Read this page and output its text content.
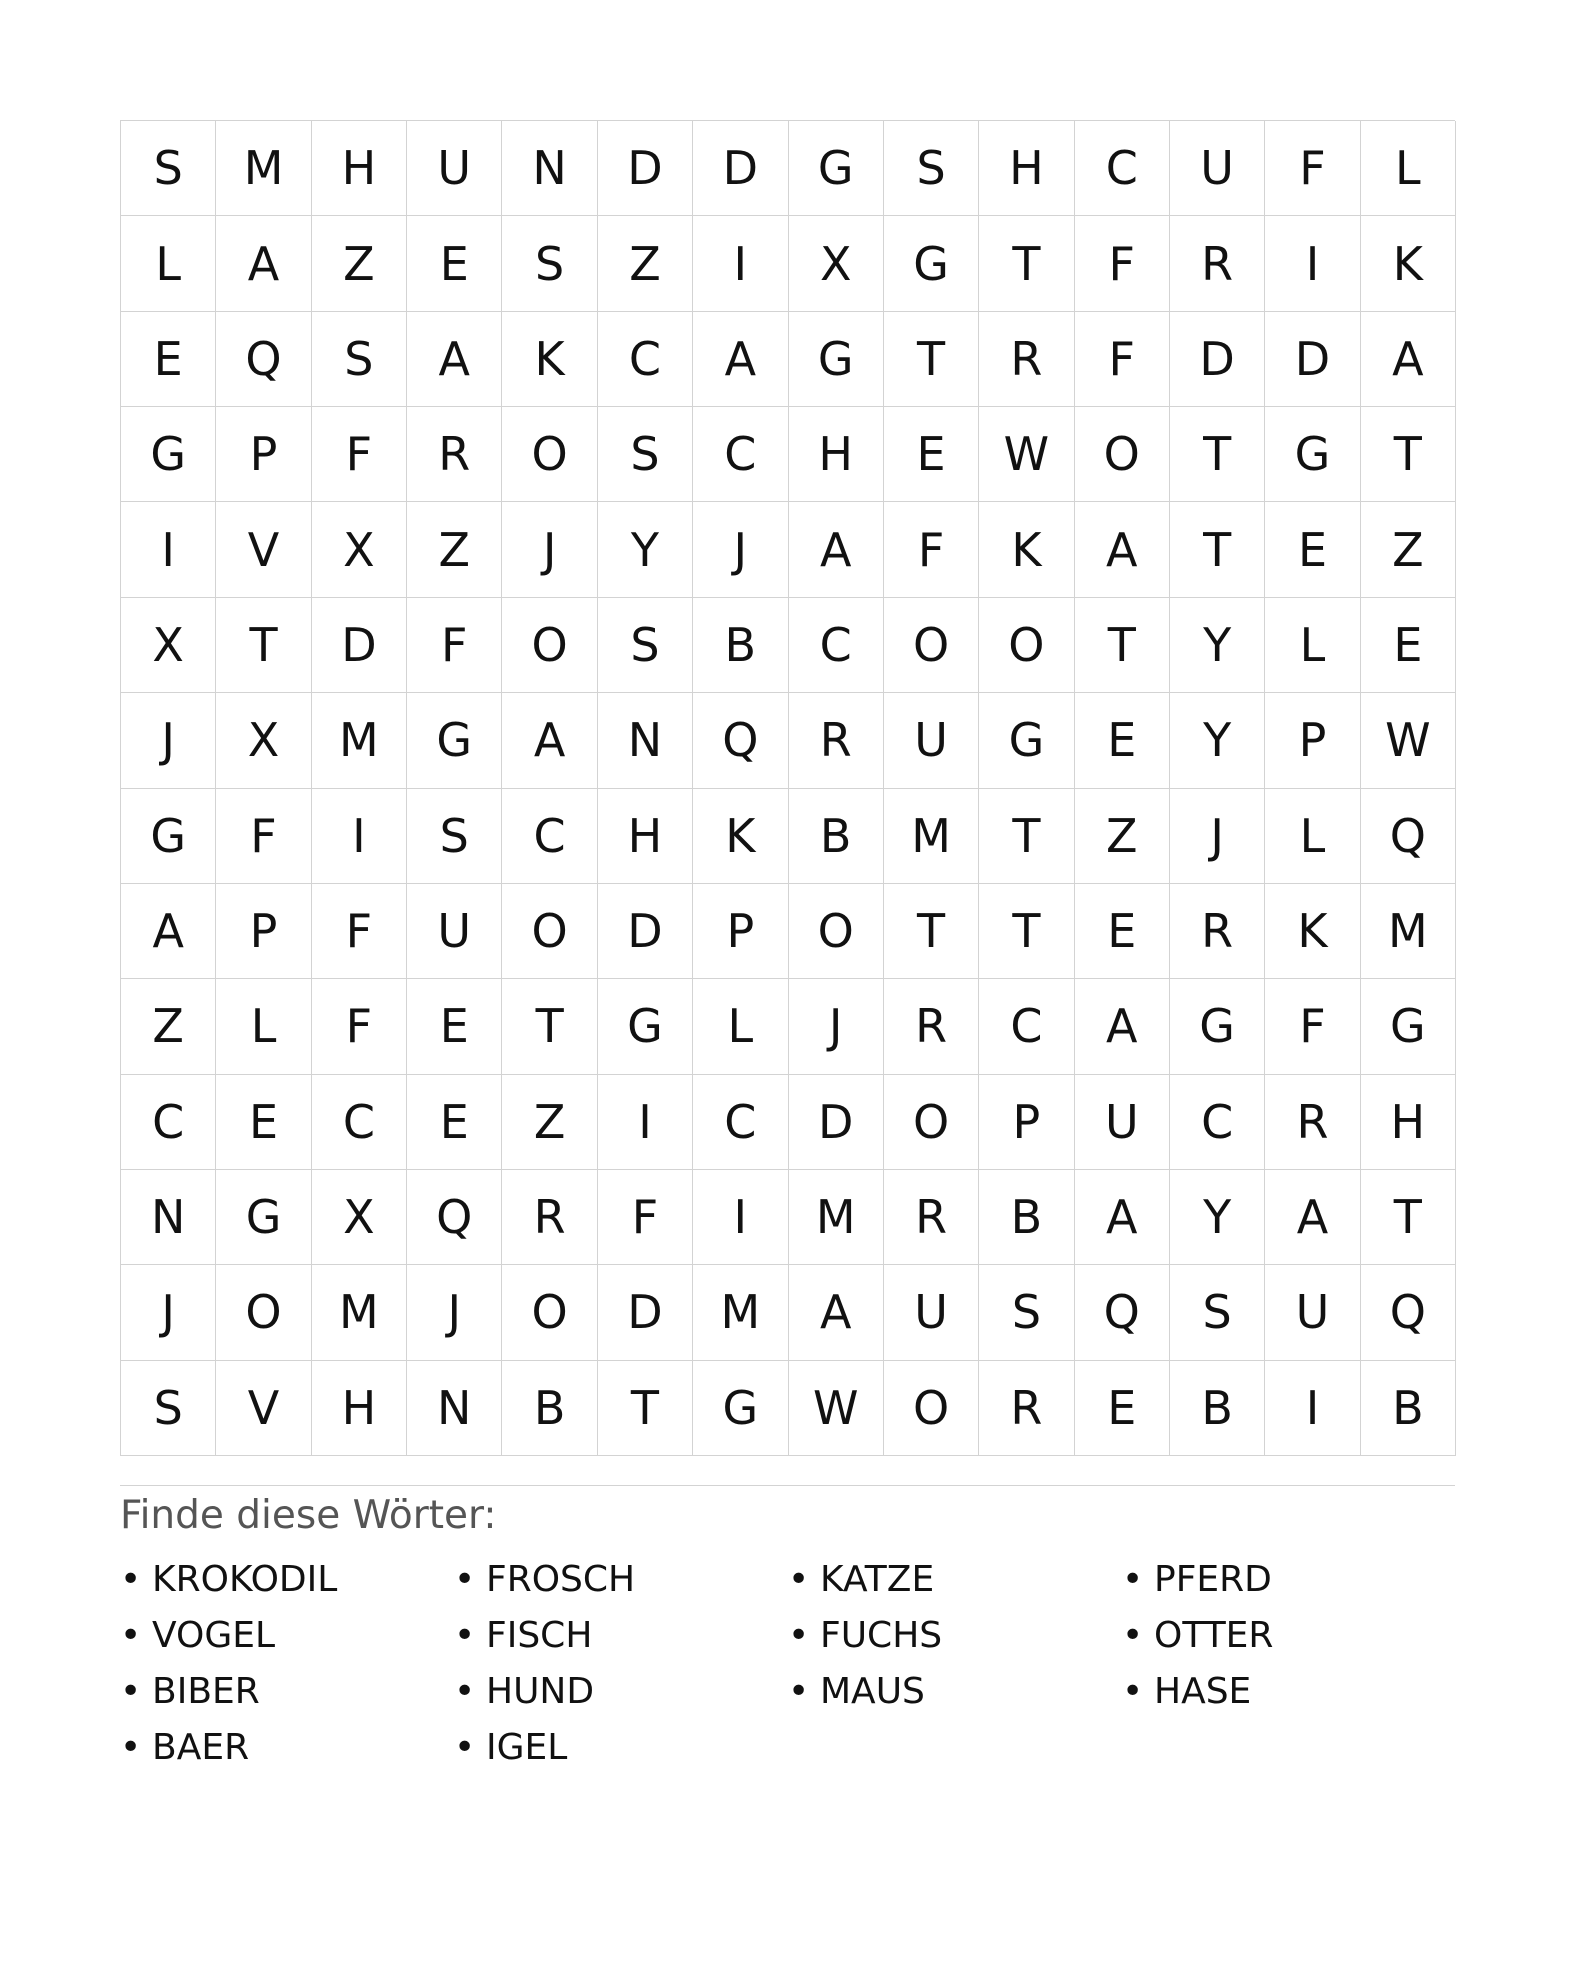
S	M	H	U	N	D	D	G	S	H	C	U	F	L
L	A	Z	E	S	Z	I	X	G	T	F	R	I	K
E	Q	S	A	K	C	A	G	T	R	F	D	D	A
G	P	F	R	O	S	C	H	E	W	O	T	G	T
I	V	X	Z	J	Y	J	A	F	K	A	T	E	Z
X	T	D	F	O	S	B	C	O	O	T	Y	L	E
J	X	M	G	A	N	Q	R	U	G	E	Y	P	W
G	F	I	S	C	H	K	B	M	T	Z	J	L	Q
A	P	F	U	O	D	P	O	T	T	E	R	K	M
Z	L	F	E	T	G	L	J	R	C	A	G	F	G
C	E	C	E	Z	I	C	D	O	P	U	C	R	H
N	G	X	Q	R	F	I	M	R	B	A	Y	A	T
J	O	M	J	O	D	M	A	U	S	Q	S	U	Q
S	V	H	N	B	T	G	W	O	R	E	B	I	B
Finde diese Wörter:
• KROKODIL	• FROSCH	• KATZE	• PFERD
• VOGEL	• FISCH	• FUCHS	• OTTER
• BIBER	• HUND	• MAUS	• HASE
• BAER	• IGEL
